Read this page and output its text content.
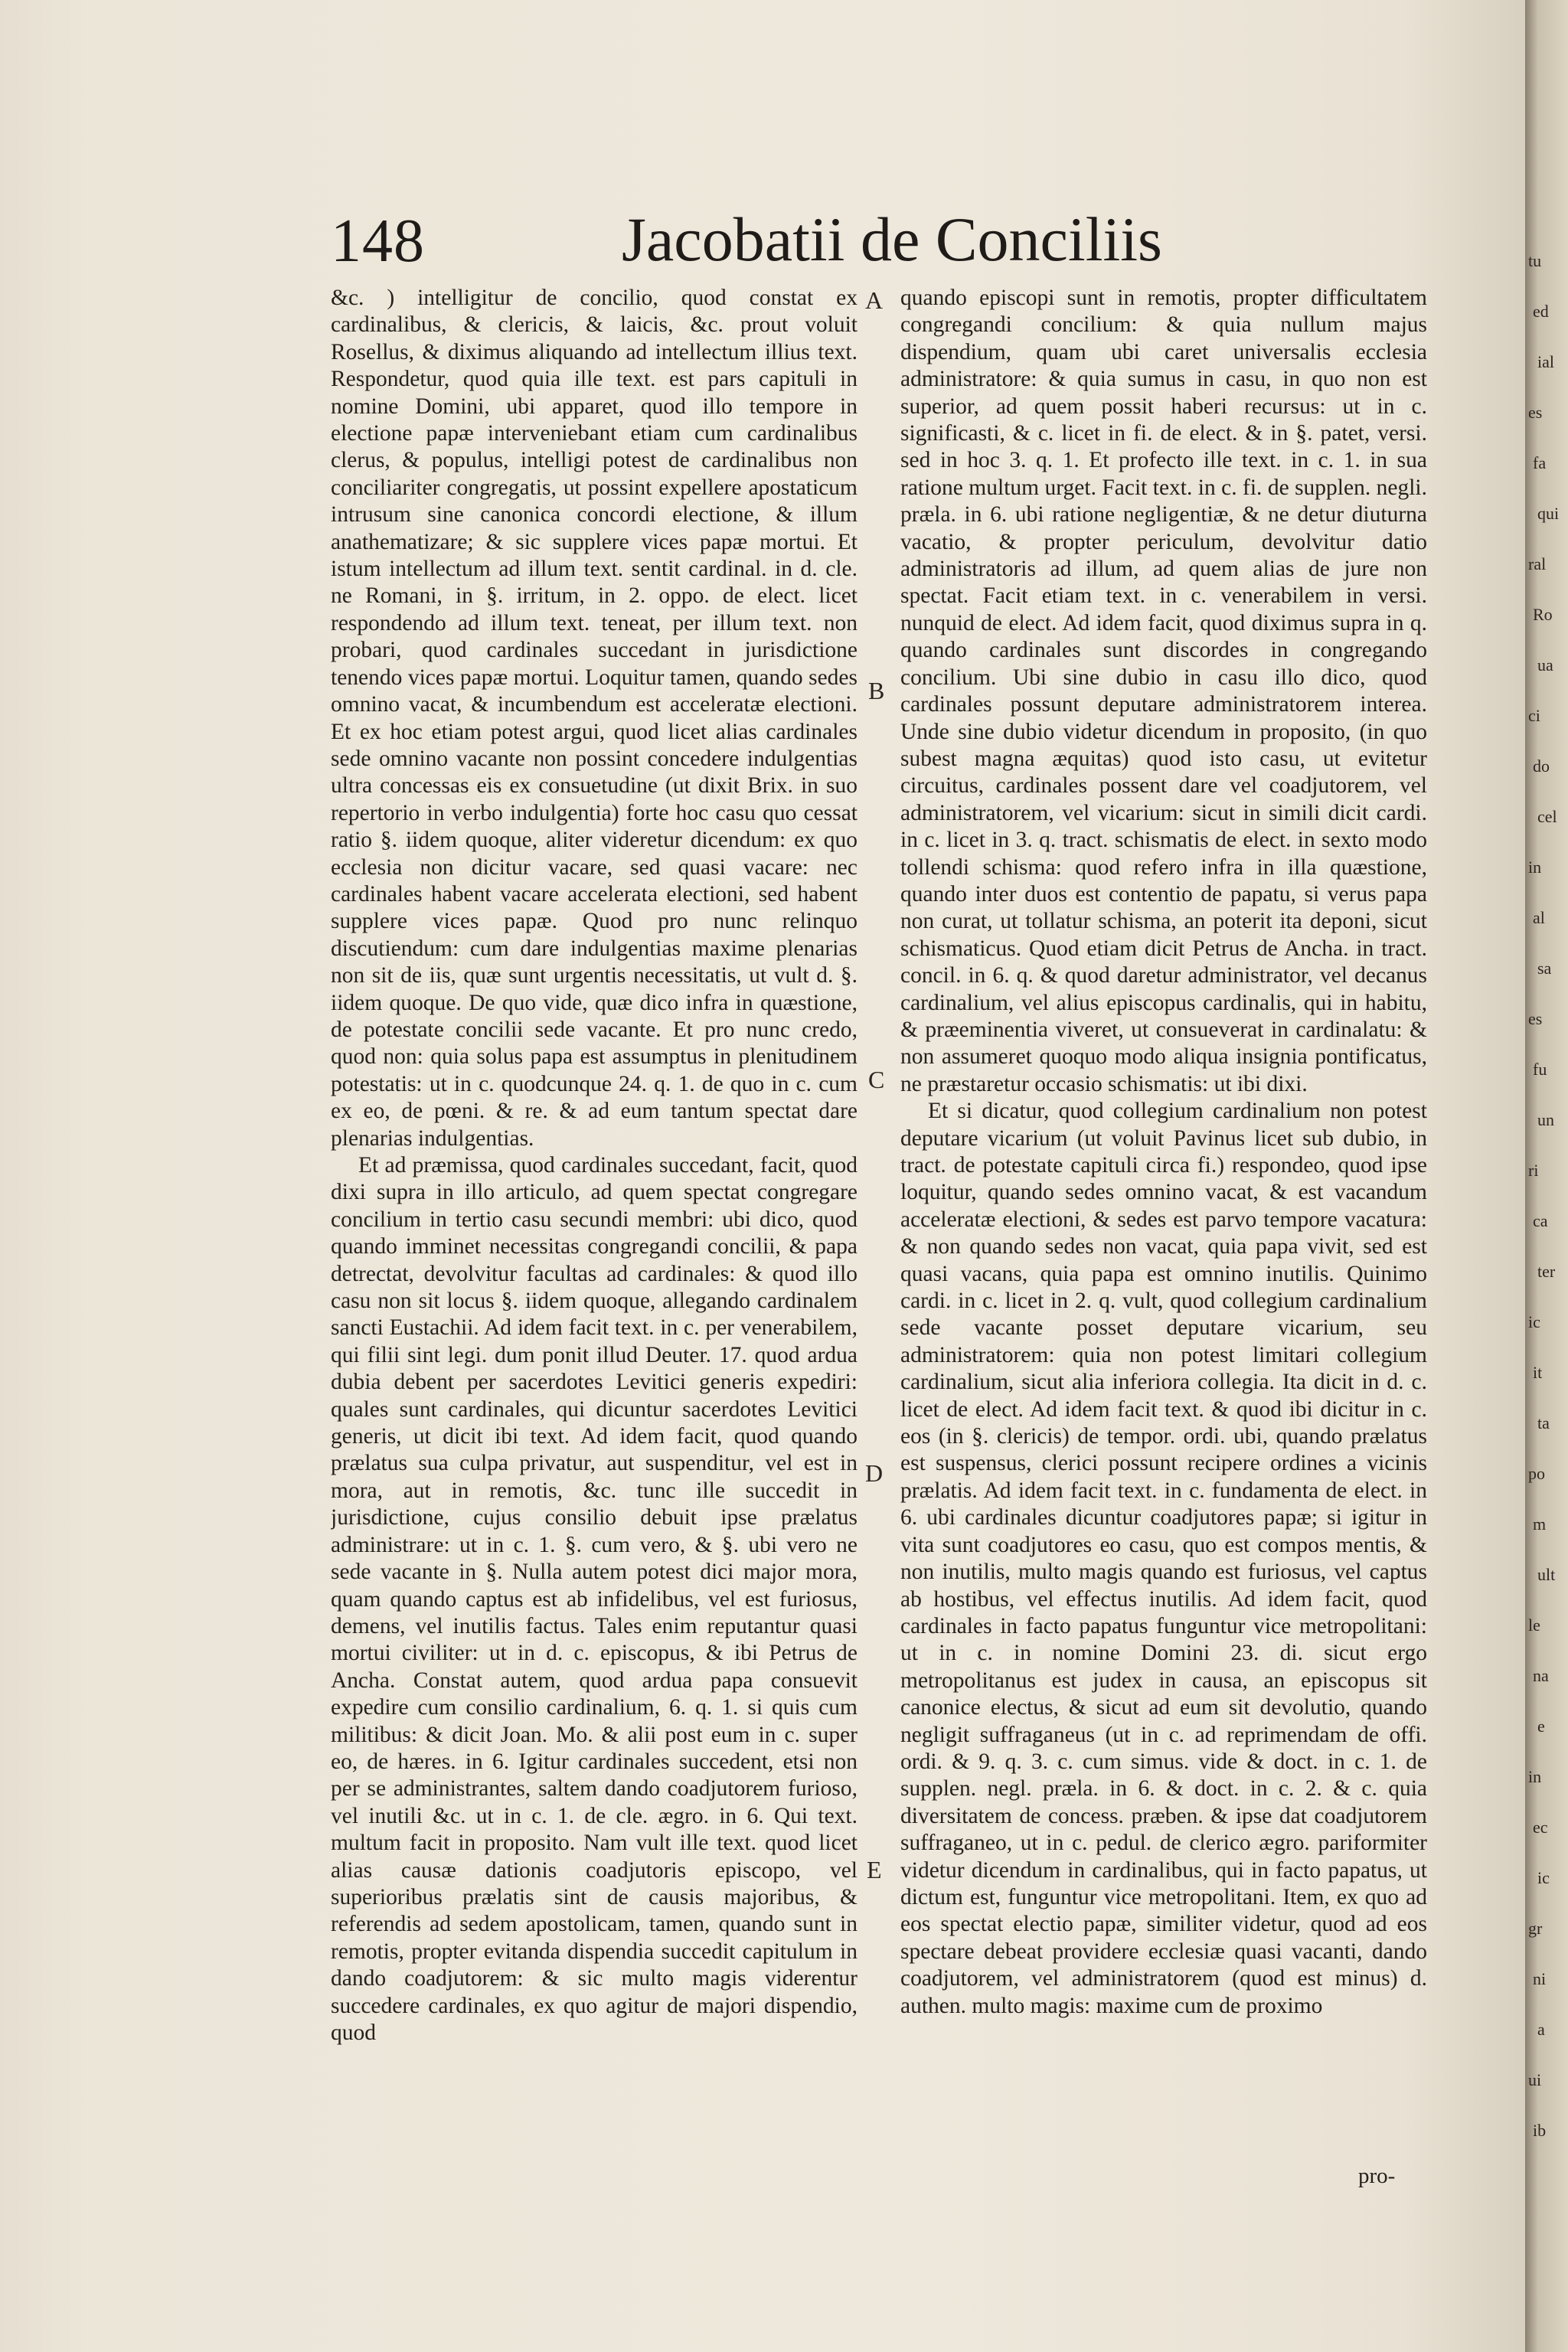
148	Jacobatii de Conciliis

&c. ) intelligitur de concilio, quod constat ex cardinalibus, & clericis, & laicis, &c. prout voluit Rosellus, & diximus aliquando ad intellectum illius text. Respondetur, quod quia ille text. est pars capituli in nomine Domini, ubi apparet, quod illo tempore in electione papæ interveniebant etiam cum cardinalibus clerus, & populus, intelligi potest de cardinalibus non conciliariter congregatis, ut possint expellere apostaticum intrusum sine canonica concordi electione, & illum anathematizare; & sic supplere vices papæ mortui. Et istum intellectum ad illum text. sentit cardinal. in d. cle. ne Romani, in §. irritum, in 2. oppo. de elect. licet respondendo ad illum text. teneat, per illum text. non probari, quod cardinales succedant in jurisdictione tenendo vices papæ mortui. Loquitur tamen, quando sedes omnino vacat, & incumbendum est acceleratæ electioni. Et ex hoc etiam potest argui, quod licet alias cardinales sede omnino vacante non possint concedere indulgentias ultra concessas eis ex consuetudine (ut dixit Brix. in suo repertorio in verbo indulgentia) forte hoc casu quo cessat ratio §. iidem quoque, aliter videretur dicendum: ex quo ecclesia non dicitur vacare, sed quasi vacare: nec cardinales habent vacare accelerata electioni, sed habent supplere vices papæ. Quod pro nunc relinquo discutiendum: cum dare indulgentias maxime plenarias non sit de iis, quæ sunt urgentis necessitatis, ut vult d. §. iidem quoque. De quo vide, quæ dico infra in quæstione, de potestate concilii sede vacante. Et pro nunc credo, quod non: quia solus papa est assumptus in plenitudinem potestatis: ut in c. quodcunque 24. q. 1. de quo in c. cum ex eo, de pœni. & re. & ad eum tantum spectat dare plenarias indulgentias.

Et ad præmissa, quod cardinales succedant, facit, quod dixi supra in illo articulo, ad quem spectat congregare concilium in tertio casu secundi membri: ubi dico, quod quando imminet necessitas congregandi concilii, & papa detrectat, devolvitur facultas ad cardinales: & quod illo casu non sit locus §. iidem quoque, allegando cardinalem sancti Eustachii. Ad idem facit text. in c. per venerabilem, qui filii sint legi. dum ponit illud Deuter. 17. quod ardua dubia debent per sacerdotes Levitici generis expediri: quales sunt cardinales, qui dicuntur sacerdotes Levitici generis, ut dicit ibi text. Ad idem facit, quod quando prælatus sua culpa privatur, aut suspenditur, vel est in mora, aut in remotis, &c. tunc ille succedit in jurisdictione, cujus consilio debuit ipse prælatus administrare: ut in c. 1. §. cum vero, & §. ubi vero ne sede vacante in §. Nulla autem potest dici major mora, quam quando captus est ab infidelibus, vel est furiosus, demens, vel inutilis factus. Tales enim reputantur quasi mortui civiliter: ut in d. c. episcopus, & ibi Petrus de Ancha. Constat autem, quod ardua papa consuevit expedire cum consilio cardinalium, 6. q. 1. si quis cum militibus: & dicit Joan. Mo. & alii post eum in c. super eo, de hæres. in 6. Igitur cardinales succedent, etsi non per se administrantes, saltem dando coadjutorem furioso, vel inutili &c. ut in c. 1. de cle. ægro. in 6. Qui text. multum facit in proposito. Nam vult ille text. quod licet alias causæ dationis coadjutoris episcopo, vel superioribus prælatis sint de causis majoribus, & referendis ad sedem apostolicam, tamen, quando sunt in remotis, propter evitanda dispendia succedit capitulum in dando coadjutorem: & sic multo magis viderentur succedere cardinales, ex quo agitur de majori dispendio, quod

A
B
C
D
E

quando episcopi sunt in remotis, propter difficultatem congregandi concilium: & quia nullum majus dispendium, quam ubi caret universalis ecclesia administratore: & quia sumus in casu, in quo non est superior, ad quem possit haberi recursus: ut in c. significasti, & c. licet in fi. de elect. & in §. patet, versi. sed in hoc 3. q. 1. Et profecto ille text. in c. 1. in sua ratione multum urget. Facit text. in c. fi. de supplen. negli. præla. in 6. ubi ratione negligentiæ, & ne detur diuturna vacatio, & propter periculum, devolvitur datio administratoris ad illum, ad quem alias de jure non spectat. Facit etiam text. in c. venerabilem in versi. nunquid de elect. Ad idem facit, quod diximus supra in q. quando cardinales sunt discordes in congregando concilium. Ubi sine dubio in casu illo dico, quod cardinales possunt deputare administratorem interea. Unde sine dubio videtur dicendum in proposito, (in quo subest magna æquitas) quod isto casu, ut evitetur circuitus, cardinales possent dare vel coadjutorem, vel administratorem, vel vicarium: sicut in simili dicit cardi. in c. licet in 3. q. tract. schismatis de elect. in sexto modo tollendi schisma: quod refero infra in illa quæstione, quando inter duos est contentio de papatu, si verus papa non curat, ut tollatur schisma, an poterit ita deponi, sicut schismaticus. Quod etiam dicit Petrus de Ancha. in tract. concil. in 6. q. & quod daretur administrator, vel decanus cardinalium, vel alius episcopus cardinalis, qui in habitu, & præeminentia viveret, ut consueverat in cardinalatu: & non assumeret quoquo modo aliqua insignia pontificatus, ne præstaretur occasio schismatis: ut ibi dixi.

Et si dicatur, quod collegium cardinalium non potest deputare vicarium (ut voluit Pavinus licet sub dubio, in tract. de potestate capituli circa fi.) respondeo, quod ipse loquitur, quando sedes omnino vacat, & est vacandum acceleratæ electioni, & sedes est parvo tempore vacatura: & non quando sedes non vacat, quia papa vivit, sed est quasi vacans, quia papa est omnino inutilis. Quinimo cardi. in c. licet in 2. q. vult, quod collegium cardinalium sede vacante posset deputare vicarium, seu administratorem: quia non potest limitari collegium cardinalium, sicut alia inferiora collegia. Ita dicit in d. c. licet de elect. Ad idem facit text. & quod ibi dicitur in c. eos (in §. clericis) de tempor. ordi. ubi, quando prælatus est suspensus, clerici possunt recipere ordines a vicinis prælatis. Ad idem facit text. in c. fundamenta de elect. in 6. ubi cardinales dicuntur coadjutores papæ; si igitur in vita sunt coadjutores eo casu, quo est compos mentis, & non inutilis, multo magis quando est furiosus, vel captus ab hostibus, vel effectus inutilis. Ad idem facit, quod cardinales in facto papatus funguntur vice metropolitani: ut in c. in nomine Domini 23. di. sicut ergo metropolitanus est judex in causa, an episcopus sit canonice electus, & sicut ad eum sit devolutio, quando negligit suffraganeus (ut in c. ad reprimendam de offi. ordi. & 9. q. 3. c. cum simus. vide & doct. in c. 1. de supplen. negl. præla. in 6. & doct. in c. 2. & c. quia diversitatem de concess. præben. & ipse dat coadjutorem suffraganeo, ut in c. pedul. de clerico ægro. pariformiter videtur dicendum in cardinalibus, qui in facto papatus, ut dictum est, funguntur vice metropolitani. Item, ex quo ad eos spectat electio papæ, similiter videtur, quod ad eos spectare debeat providere ecclesiæ quasi vacanti, dando coadjutorem, vel administratorem (quod est minus) d. authen. multo magis: maxime cum de proximo

pro-
tu
ed
ial
es
fa
qui
ral
Ro
ua
ci
do
cel
in
al
sa
es
fu
un
ri
ca
ter
ic
it
ta
po
m
ult
le
na
e
in
ec
ic
gr
ni
a
ui
ib
